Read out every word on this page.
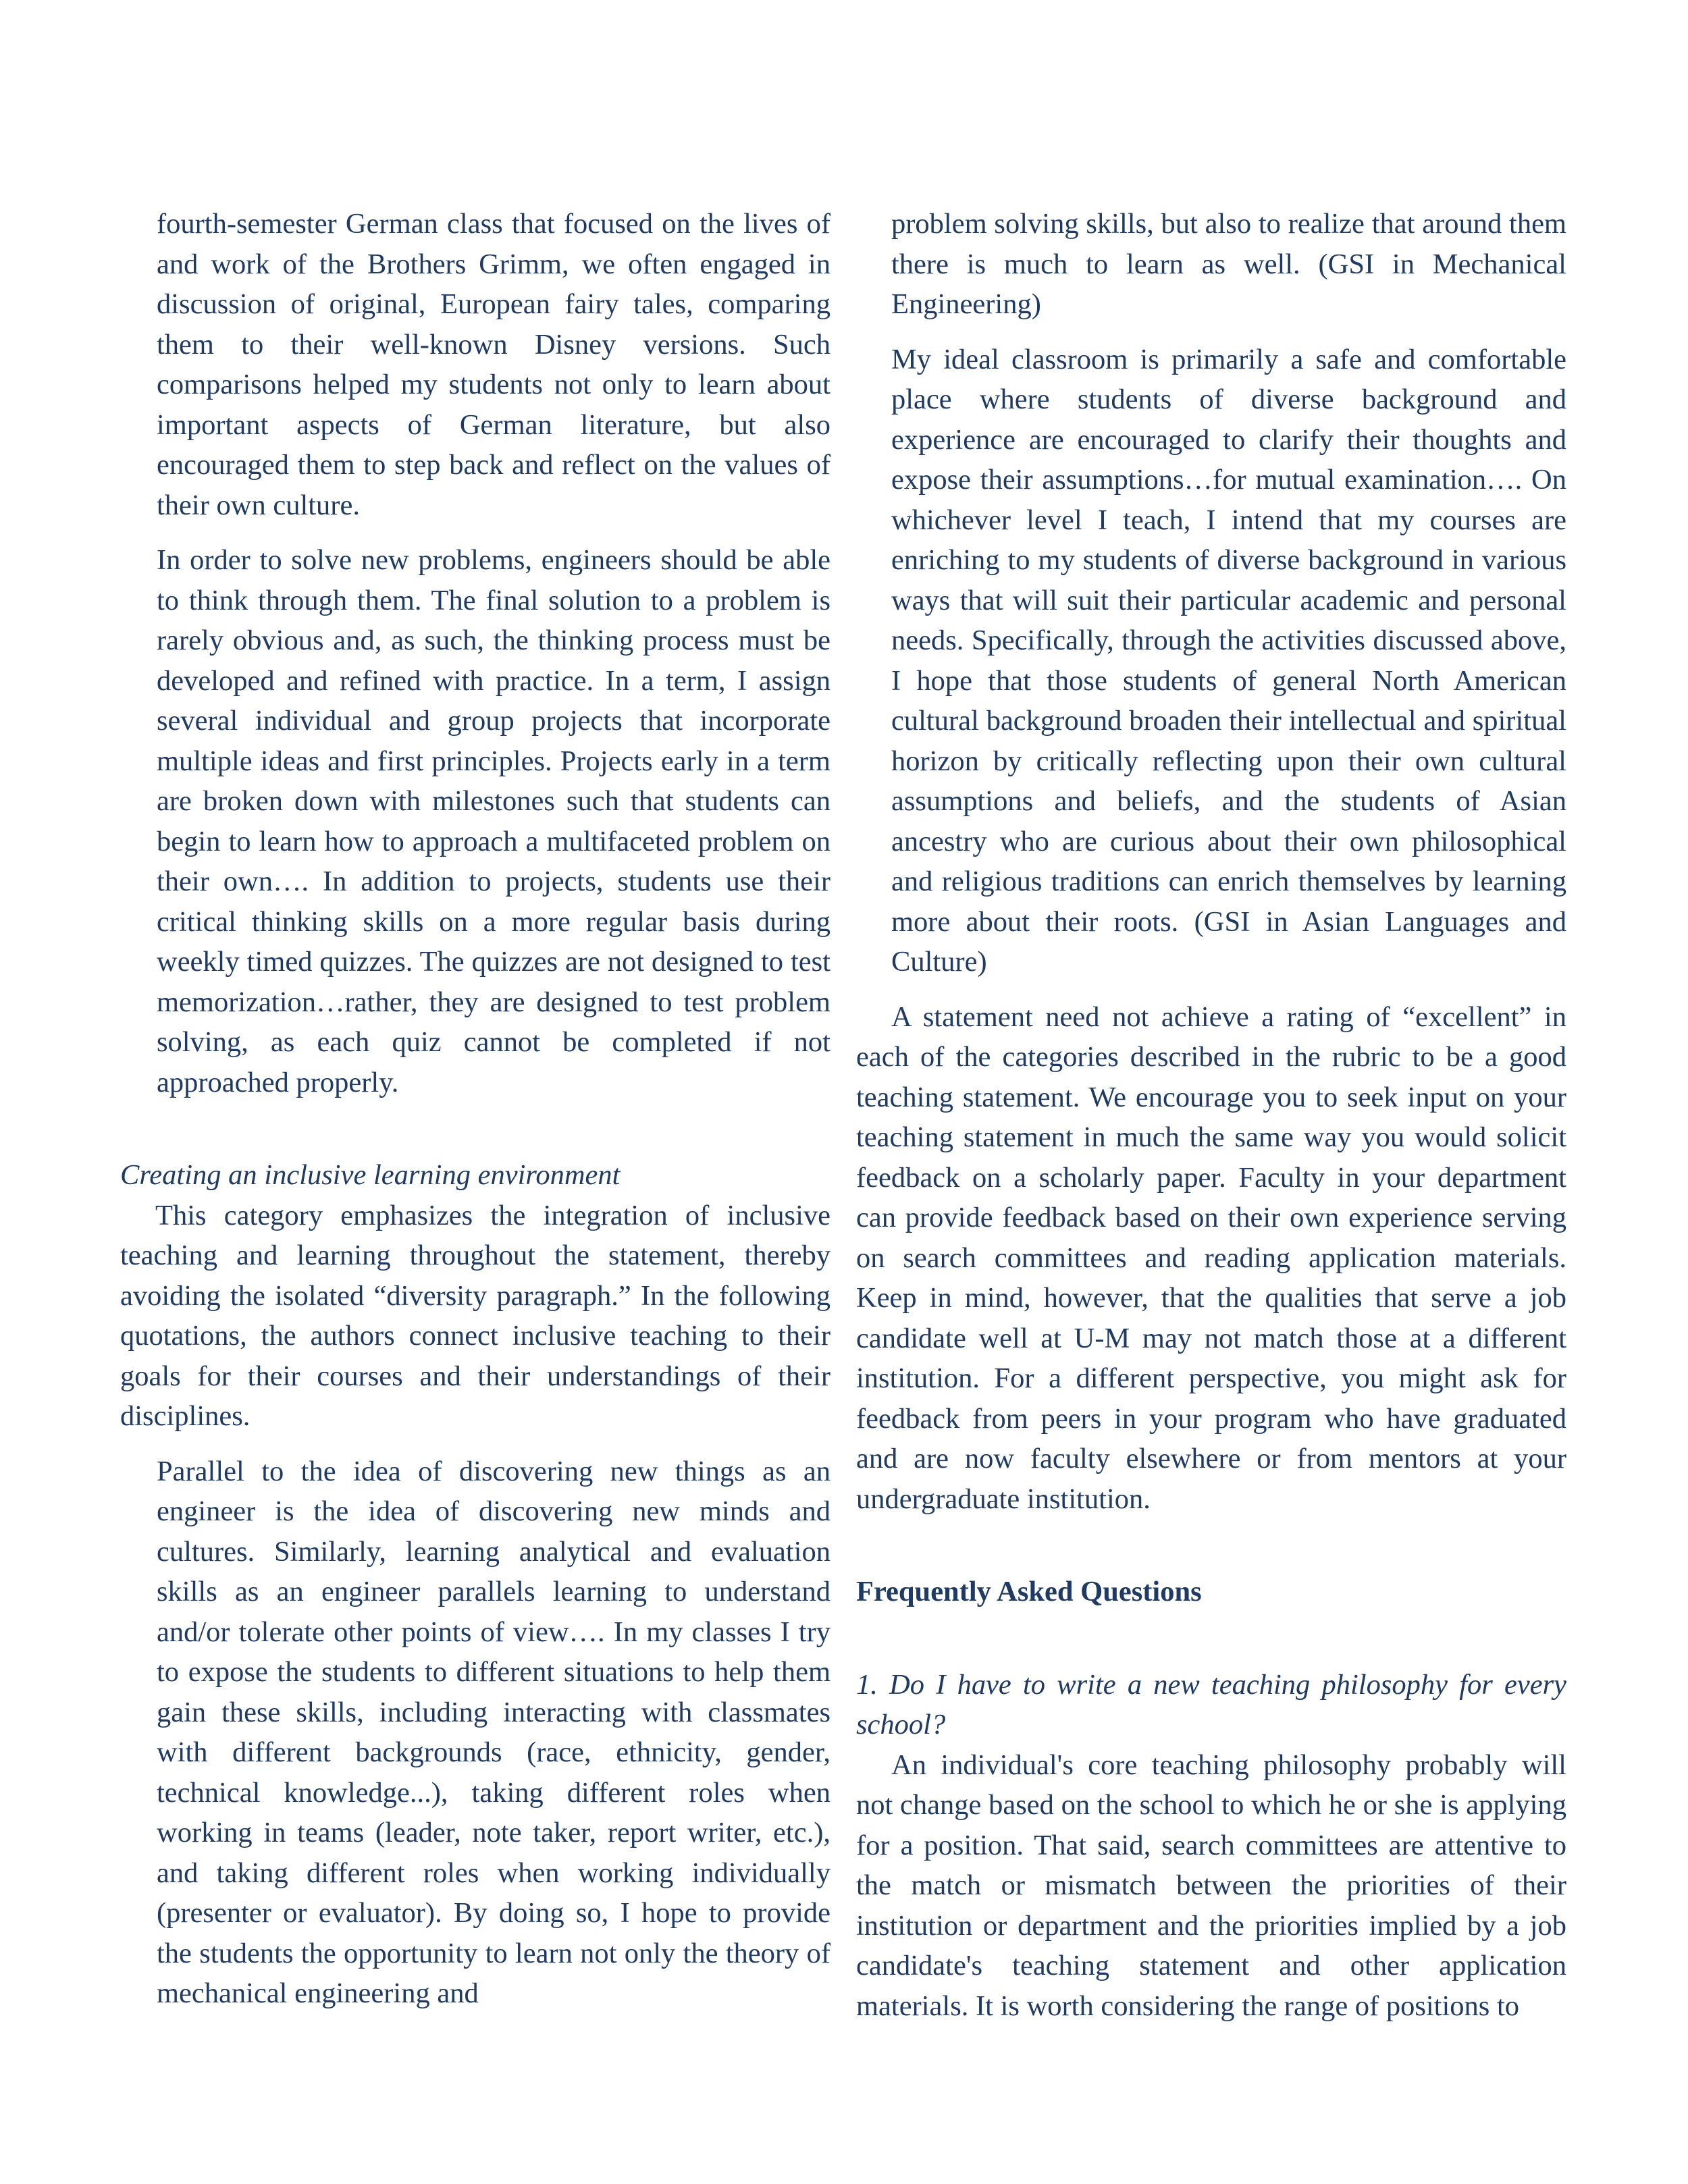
fourth-semester German class that focused on the lives of and work of the Brothers Grimm, we often engaged in discussion of original, European fairy tales, comparing them to their well-known Disney versions. Such comparisons helped my students not only to learn about important aspects of German literature, but also encouraged them to step back and reflect on the values of their own culture.

In order to solve new problems, engineers should be able to think through them. The final solution to a problem is rarely obvious and, as such, the thinking process must be developed and refined with practice. In a term, I assign several individual and group projects that incorporate multiple ideas and first principles. Projects early in a term are broken down with milestones such that students can begin to learn how to approach a multifaceted problem on their own…. In addition to projects, students use their critical thinking skills on a more regular basis during weekly timed quizzes. The quizzes are not designed to test memorization…rather, they are designed to test problem solving, as each quiz cannot be completed if not approached properly.

Creating an inclusive learning environment

This category emphasizes the integration of inclusive teaching and learning throughout the statement, thereby avoiding the isolated “diversity paragraph.” In the following quotations, the authors connect inclusive teaching to their goals for their courses and their understandings of their disciplines.

Parallel to the idea of discovering new things as an engineer is the idea of discovering new minds and cultures. Similarly, learning analytical and evaluation skills as an engineer parallels learning to understand and/or tolerate other points of view…. In my classes I try to expose the students to different situations to help them gain these skills, including interacting with classmates with different backgrounds (race, ethnicity, gender, technical knowledge...), taking different roles when working in teams (leader, note taker, report writer, etc.), and taking different roles when working individually (presenter or evaluator). By doing so, I hope to provide the students the opportunity to learn not only the theory of mechanical engineering and

problem solving skills, but also to realize that around them there is much to learn as well. (GSI in Mechanical Engineering)

My ideal classroom is primarily a safe and comfortable place where students of diverse background and experience are encouraged to clarify their thoughts and expose their assumptions…for mutual examination…. On whichever level I teach, I intend that my courses are enriching to my students of diverse background in various ways that will suit their particular academic and personal needs. Specifically, through the activities discussed above, I hope that those students of general North American cultural background broaden their intellectual and spiritual horizon by critically reflecting upon their own cultural assumptions and beliefs, and the students of Asian ancestry who are curious about their own philosophical and religious traditions can enrich themselves by learning more about their roots. (GSI in Asian Languages and Culture)

A statement need not achieve a rating of “excellent” in each of the categories described in the rubric to be a good teaching statement. We encourage you to seek input on your teaching statement in much the same way you would solicit feedback on a scholarly paper. Faculty in your department can provide feedback based on their own experience serving on search committees and reading application materials. Keep in mind, however, that the qualities that serve a job candidate well at U-M may not match those at a different institution. For a different perspective, you might ask for feedback from peers in your program who have graduated and are now faculty elsewhere or from mentors at your undergraduate institution.

Frequently Asked Questions

1. Do I have to write a new teaching philosophy for every school?

An individual's core teaching philosophy probably will not change based on the school to which he or she is applying for a position. That said, search committees are attentive to the match or mismatch between the priorities of their institution or department and the priorities implied by a job candidate's teaching statement and other application materials. It is worth considering the range of positions to
